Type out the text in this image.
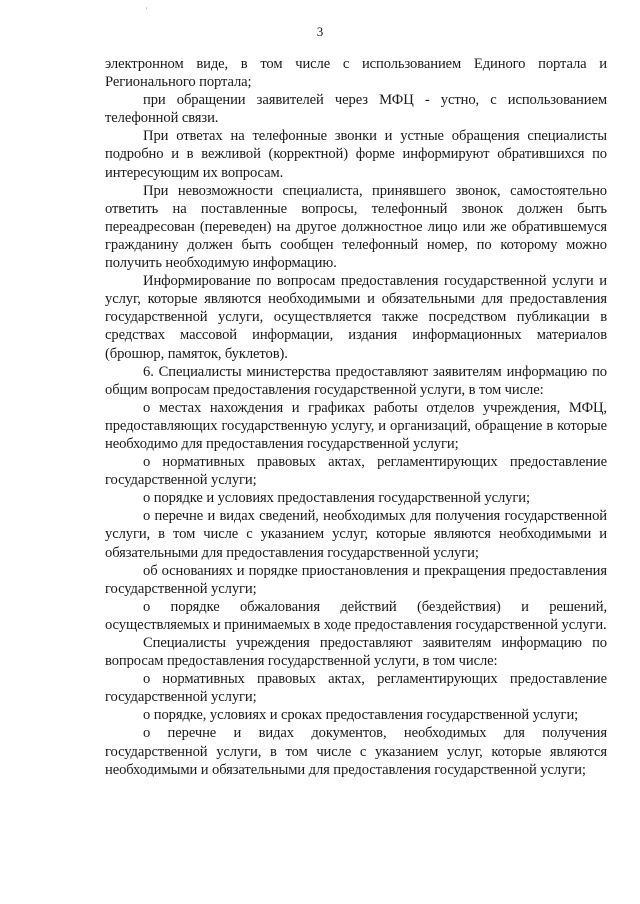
'
3

электронном виде, в том числе с использованием Единого портала и Регионального портала;

при обращении заявителей через МФЦ - устно, с использованием телефонной связи.

При ответах на телефонные звонки и устные обращения специалисты подробно и в вежливой (корректной) форме информируют обратившихся по интересующим их вопросам.

При невозможности специалиста, принявшего звонок, самостоятельно ответить на поставленные вопросы, телефонный звонок должен быть переадресован (переведен) на другое должностное лицо или же обратившемуся гражданину должен быть сообщен телефонный номер, по которому можно получить необходимую информацию.

Информирование по вопросам предоставления государственной услуги и услуг, которые являются необходимыми и обязательными для предоставления государственной услуги, осуществляется также посредством публикации в средствах массовой информации, издания информационных материалов (брошюр, памяток, буклетов).

6. Специалисты министерства предоставляют заявителям информацию по общим вопросам предоставления государственной услуги, в том числе:

о местах нахождения и графиках работы отделов учреждения, МФЦ, предоставляющих государственную услугу, и организаций, обращение в которые необходимо для предоставления государственной услуги;

о нормативных правовых актах, регламентирующих предоставление государственной услуги;

о порядке и условиях предоставления государственной услуги;

о перечне и видах сведений, необходимых для получения государственной услуги, в том числе с указанием услуг, которые являются необходимыми и обязательными для предоставления государственной услуги;

об основаниях и порядке приостановления и прекращения предоставления государственной услуги;

о порядке обжалования действий (бездействия) и решений, осуществляемых и принимаемых в ходе предоставления государственной услуги.

Специалисты учреждения предоставляют заявителям информацию по вопросам предоставления государственной услуги, в том числе:

о нормативных правовых актах, регламентирующих предоставление государственной услуги;

о порядке, условиях и сроках предоставления государственной услуги;

о перечне и видах документов, необходимых для получения государственной услуги, в том числе с указанием услуг, которые являются необходимыми и обязательными для предоставления государственной услуги;
